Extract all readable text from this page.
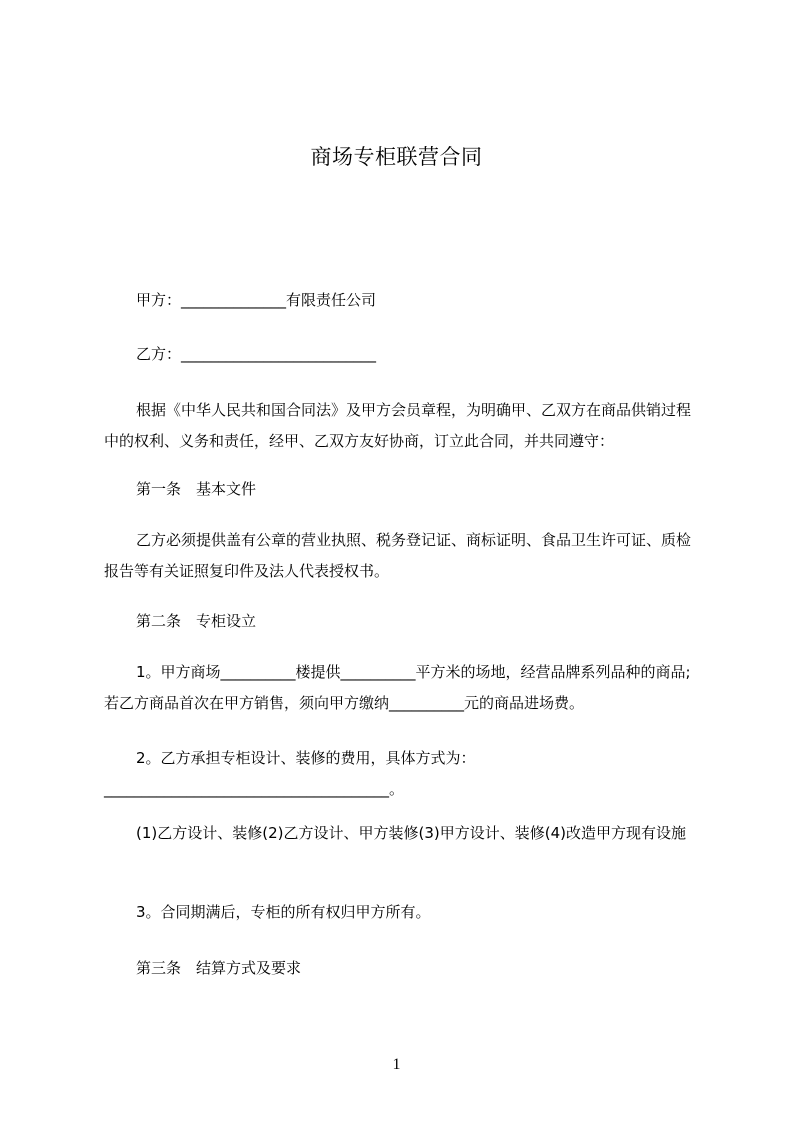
商场专柜联营合同
甲方：______________有限责任公司
乙方：__________________________
根据《中华人民共和国合同法》及甲方会员章程，为明确甲、乙双方在商品供销过程中的权利、义务和责任，经甲、乙双方友好协商，订立此合同，并共同遵守：
第一条　基本文件
乙方必须提供盖有公章的营业执照、税务登记证、商标证明、食品卫生许可证、质检报告等有关证照复印件及法人代表授权书。
第二条　专柜设立
1。甲方商场__________楼提供__________平方米的场地，经营品牌系列品种的商品;若乙方商品首次在甲方销售，须向甲方缴纳__________元的商品进场费。
2。乙方承担专柜设计、装修的费用，具体方式为：______________________________________。
(1)乙方设计、装修(2)乙方设计、甲方装修(3)甲方设计、装修(4)改造甲方现有设施
3。合同期满后，专柜的所有权归甲方所有。
第三条　结算方式及要求
1
